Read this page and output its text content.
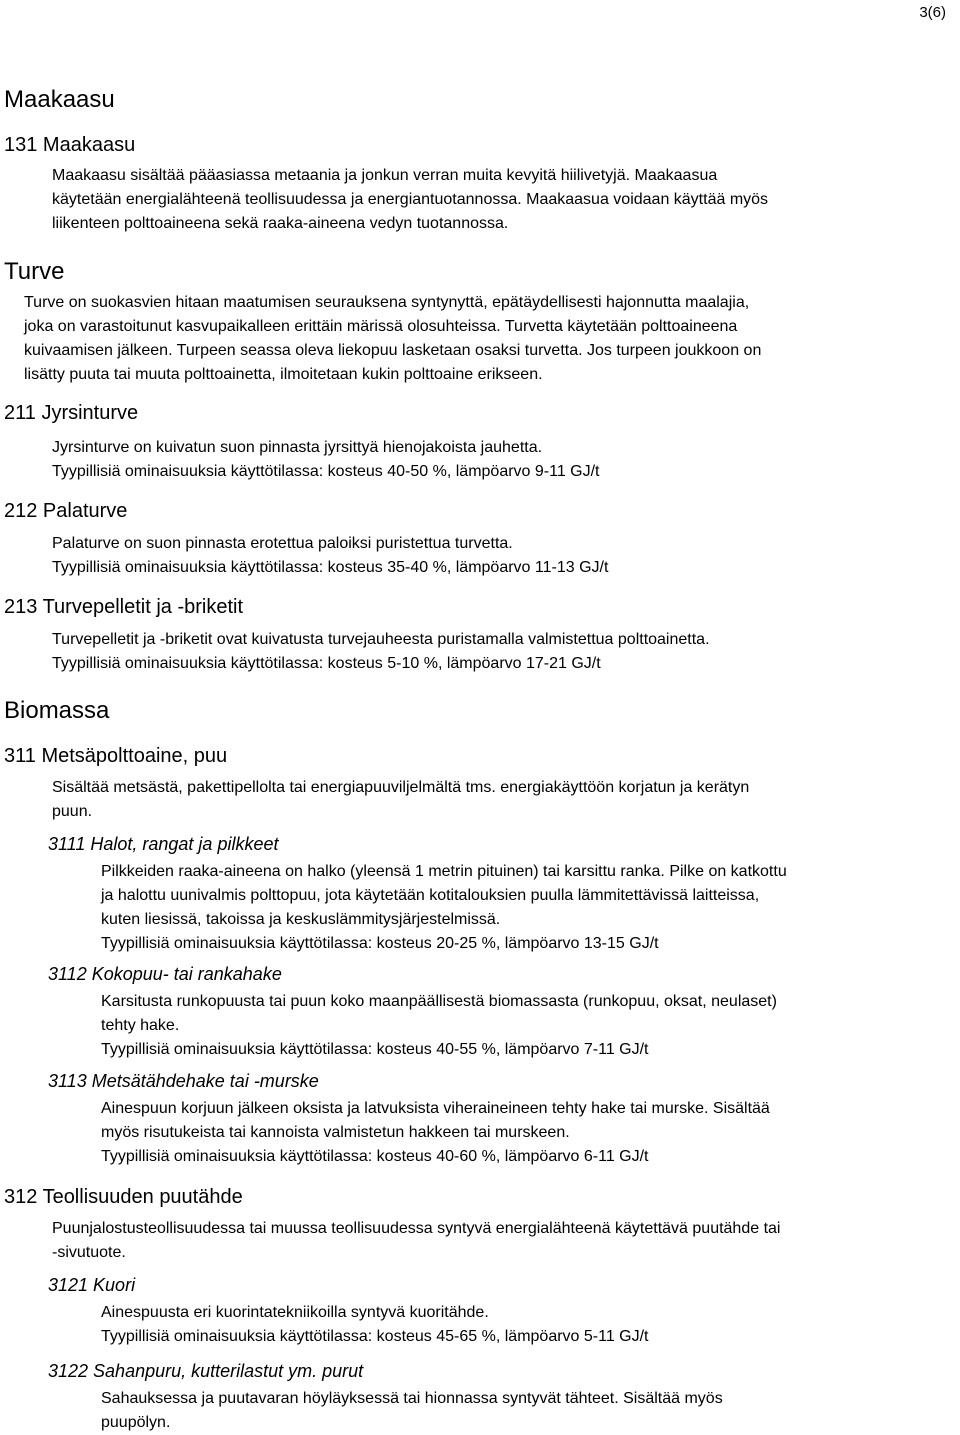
3(6)
Maakaasu
131 Maakaasu
Maakaasu sisältää pääasiassa metaania ja jonkun verran muita kevyitä hiilivetyjä. Maakaasua
käytetään energialähteenä teollisuudessa ja energiantuotannossa. Maakaasua voidaan käyttää myös
liikenteen polttoaineena sekä raaka-aineena vedyn tuotannossa.
Turve
Turve on suokasvien hitaan maatumisen seurauksena syntynyttä, epätäydellisesti hajonnutta maalajia,
joka on varastoitunut kasvupaikalleen erittäin märissä olosuhteissa. Turvetta käytetään polttoaineena
kuivaamisen jälkeen. Turpeen seassa oleva liekopuu lasketaan osaksi turvetta. Jos turpeen joukkoon on
lisätty puuta tai muuta polttoainetta, ilmoitetaan kukin polttoaine erikseen.
211 Jyrsinturve
Jyrsinturve on kuivatun suon pinnasta jyrsittyä hienojakoista jauhetta.
Tyypillisiä ominaisuuksia käyttötilassa: kosteus 40-50 %, lämpöarvo 9-11 GJ/t
212 Palaturve
Palaturve on suon pinnasta erotettua paloiksi puristettua turvetta.
Tyypillisiä ominaisuuksia käyttötilassa: kosteus 35-40 %, lämpöarvo 11-13 GJ/t
213 Turvepelletit ja -briketit
Turvepelletit ja -briketit ovat kuivatusta turvejauheesta puristamalla valmistettua polttoainetta.
Tyypillisiä ominaisuuksia käyttötilassa: kosteus 5-10 %, lämpöarvo 17-21 GJ/t
Biomassa
311 Metsäpolttoaine, puu
Sisältää metsästä, pakettipellolta tai energiapuuviljelmältä tms. energiakäyttöön korjatun ja kerätyn
puun.
3111 Halot, rangat ja pilkkeet
Pilkkeiden raaka-aineena on halko (yleensä 1 metrin pituinen) tai karsittu ranka. Pilke on katkottu
ja halottu uunivalmis polttopuu, jota käytetään kotitalouksien puulla lämmitettävissä laitteissa,
kuten liesissä, takoissa ja keskuslämmitysjärjestelmissä.
Tyypillisiä ominaisuuksia käyttötilassa: kosteus 20-25 %, lämpöarvo 13-15 GJ/t
3112 Kokopuu- tai rankahake
Karsitusta runkopuusta tai puun koko maanpäällisestä biomassasta (runkopuu, oksat, neulaset)
tehty hake.
Tyypillisiä ominaisuuksia käyttötilassa: kosteus 40-55 %, lämpöarvo 7-11 GJ/t
3113 Metsätähdehake tai -murske
Ainespuun korjuun jälkeen oksista ja latvuksista viheraineineen tehty hake tai murske. Sisältää
myös risutukeista tai kannoista valmistetun hakkeen tai murskeen.
Tyypillisiä ominaisuuksia käyttötilassa: kosteus 40-60 %, lämpöarvo 6-11 GJ/t
312 Teollisuuden puutähde
Puunjalostusteollisuudessa tai muussa teollisuudessa syntyvä energialähteenä käytettävä puutähde tai
-sivutuote.
3121 Kuori
Ainespuusta eri kuorintatekniikoilla syntyvä kuoritähde.
Tyypillisiä ominaisuuksia käyttötilassa: kosteus 45-65 %, lämpöarvo 5-11 GJ/t
3122 Sahanpuru, kutterilastut ym. purut
Sahauksessa ja puutavaran höyläyksessä tai hionnassa syntyvät tähteet. Sisältää myös
puupölyn.
